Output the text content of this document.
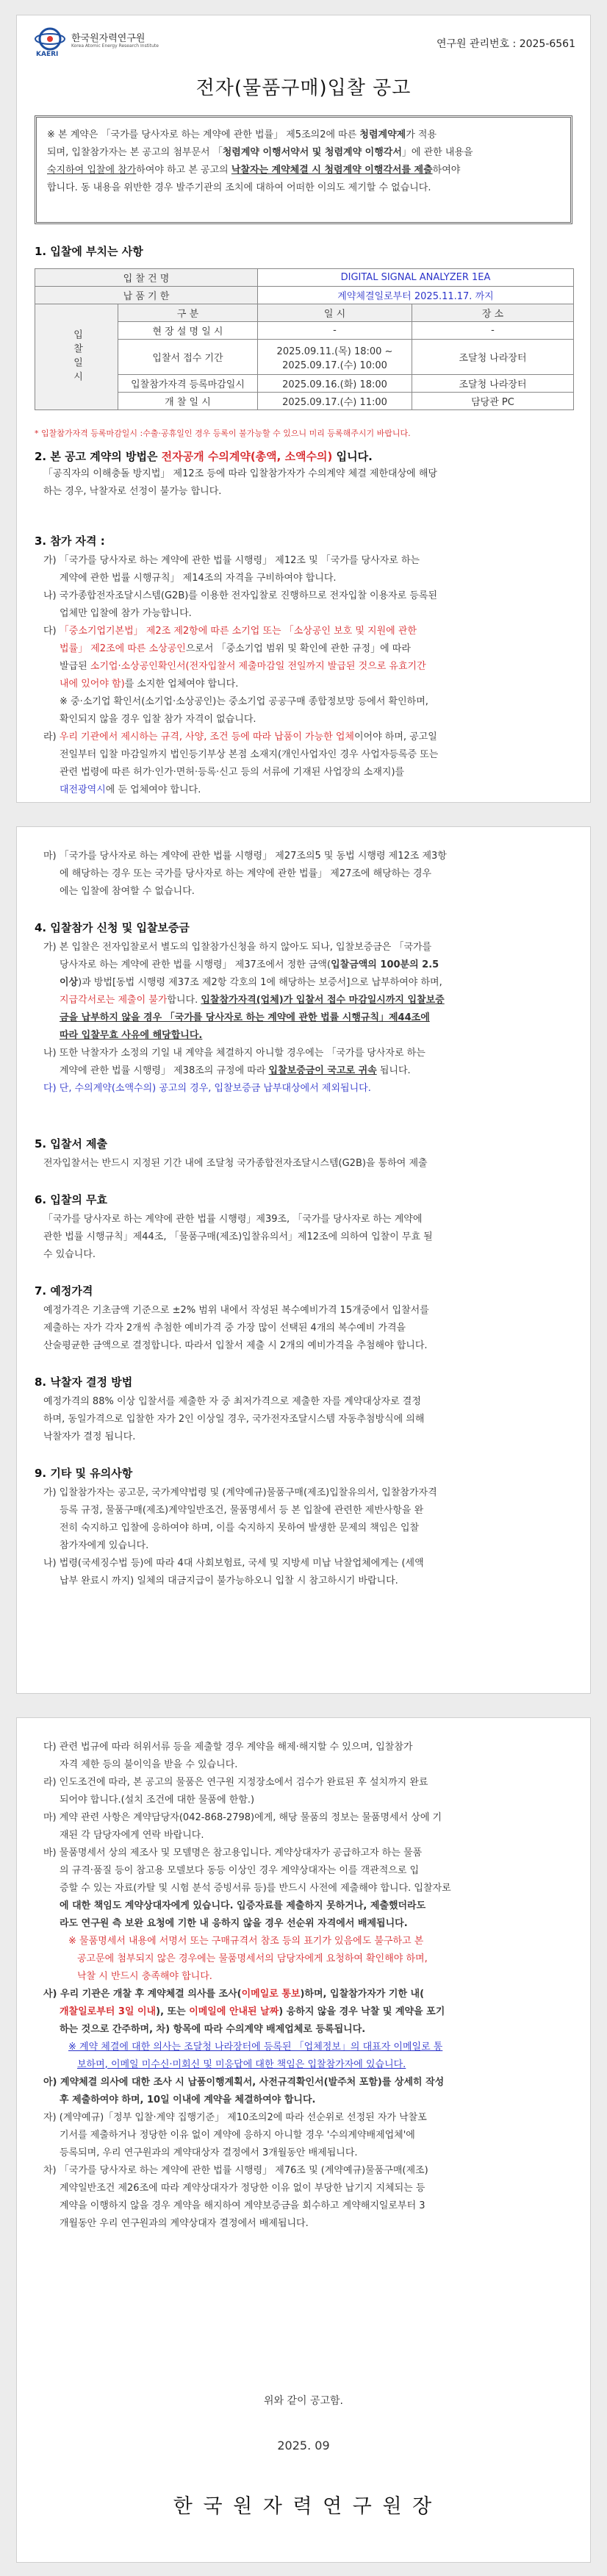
KAERI
한국원자력연구원
Korea Atomic Energy Research Institute	연구원 관리번호 : 2025-6561
전자(물품구매)입찰 공고
※ 본 계약은 「국가를 당사자로 하는 계약에 관한 법률」 제5조의2에 따른 청렴계약제가 적용
되며, 입찰참가자는 본 공고의 첨부문서 「청렴계약 이행서약서 및 청렴계약 이행각서」에 관한 내용을
숙지하여 입찰에 참가하여야 하고 본 공고의 낙찰자는 계약체결 시 청렴계약 이행각서를 제출하여야
합니다. 동 내용을 위반한 경우 발주기관의 조치에 대하여 어떠한 이의도 제기할 수 없습니다.
1. 입찰에 부치는 사항
입 찰 건 명		DIGITAL SIGNAL ANALYZER 1EA	
납 품 기 한		계약체결일로부터 2025.11.17. 까지	

입찰일시	구 분	일 시	장 소
	현 장 설 명 일 시	-	-
	입찰서 접수 기간	2025.09.11.(목) 18:00 ~
2025.09.17.(수) 10:00	조달청 나라장터
	입찰참가자격 등록마감일시	2025.09.16.(화) 18:00	조달청 나라장터
	개 찰 일 시	2025.09.17.(수) 11:00	담당관 PC
* 입찰참가자격 등록마감일시 :수출·공휴일인 경우 등록이 불가능할 수 있으니 미리 등록해주시기 바랍니다.
2. 본 공고 계약의 방법은 전자공개 수의계약(총액, 소액수의) 입니다.
「공직자의 이해충돌 방지법」 제12조 등에 따라 입찰참가자가 수의계약 체결 제한대상에 해당
하는 경우, 낙찰자로 선정이 불가능 합니다.
3. 참가 자격 :
가) 「국가를 당사자로 하는 계약에 관한 법률 시행령」 제12조 및 「국가를 당사자로 하는
계약에 관한 법률 시행규칙」 제14조의 자격을 구비하여야 합니다.
나) 국가종합전자조달시스템(G2B)를 이용한 전자입찰로 진행하므로 전자입찰 이용자로 등록된
업체만 입찰에 참가 가능합니다.
다) 「중소기업기본법」 제2조 제2항에 따른 소기업 또는 「소상공인 보호 및 지원에 관한
법률」 제2조에 따른 소상공인으로서 「중소기업 범위 및 확인에 관한 규정」에 따라
발급된 소기업·소상공인확인서(전자입찰서 제출마감일 전일까지 발급된 것으로 유효기간
내에 있어야 함)를 소지한 업체여야 합니다.
※ 중·소기업 확인서(소기업·소상공인)는 중소기업 공공구매 종합정보망 등에서 확인하며,
확인되지 않을 경우 입찰 참가 자격이 없습니다.
라) 우리 기관에서 제시하는 규격, 사양, 조건 등에 따라 납품이 가능한 업체이어야 하며, 공고일
전일부터 입찰 마감일까지 법인등기부상 본점 소재지(개인사업자인 경우 사업자등록증 또는
관련 법령에 따른 허가·인가·면허·등록·신고 등의 서류에 기재된 사업장의 소재지)를
대전광역시에 둔 업체여야 합니다.
마) 「국가를 당사자로 하는 계약에 관한 법률 시행령」 제27조의5 및 동법 시행령 제12조 제3항
에 해당하는 경우 또는 국가를 당사자로 하는 계약에 관한 법률」 제27조에 해당하는 경우
에는 입찰에 참여할 수 없습니다.
4. 입찰참가 신청 및 입찰보증금
가) 본 입찰은 전자입찰로서 별도의 입찰참가신청을 하지 않아도 되나, 입찰보증금은 「국가를
당사자로 하는 계약에 관한 법률 시행령」 제37조에서 정한 금액(입찰금액의 100분의 2.5
이상)과 방법[동법 시행령 제37조 제2항 각호의 1에 해당하는 보증서]으로 납부하여야 하며,
지급각서로는 제출이 불가합니다. 입찰참가자격(업체)가 입찰서 접수 마감일시까지 입찰보증
금을 납부하지 않을 경우 「국가를 당사자로 하는 계약에 관한 법률 시행규칙」제44조에
따라 입찰무효 사유에 해당합니다.
나) 또한 낙찰자가 소정의 기일 내 계약을 체결하지 아니할 경우에는 「국가를 당사자로 하는
계약에 관한 법률 시행령」 제38조의 규정에 따라 입찰보증금이 국고로 귀속 됩니다.
다) 단, 수의계약(소액수의) 공고의 경우, 입찰보증금 납부대상에서 제외됩니다.
5. 입찰서 제출
전자입찰서는 반드시 지정된 기간 내에 조달청 국가종합전자조달시스템(G2B)을 통하여 제출
6. 입찰의 무효
「국가를 당사자로 하는 계약에 관한 법률 시행령」제39조, 「국가를 당사자로 하는 계약에
관한 법률 시행규칙」제44조, 「물품구매(제조)입찰유의서」제12조에 의하여 입찰이 무효 될
수 있습니다.
7. 예정가격
예정가격은 기초금액 기준으로 ±2% 범위 내에서 작성된 복수예비가격 15개중에서 입찰서를
제출하는 자가 각자 2개씩 추첨한 예비가격 중 가장 많이 선택된 4개의 복수예비 가격을
산술평균한 금액으로 결정합니다. 따라서 입찰서 제출 시 2개의 예비가격을 추첨해야 합니다.
8. 낙찰자 결정 방법
예정가격의 88% 이상 입찰서를 제출한 자 중 최저가격으로 제출한 자를 계약대상자로 결정
하며, 동일가격으로 입찰한 자가 2인 이상일 경우, 국가전자조달시스템 자동추첨방식에 의해
낙찰자가 결정 됩니다.
9. 기타 및 유의사항
가) 입찰참가자는 공고문, 국가계약법령 및 (계약예규)물품구매(제조)입찰유의서, 입찰참가자격
등록 규정, 물품구매(제조)계약일반조건, 물품명세서 등 본 입찰에 관련한 제반사항을 완
전히 숙지하고 입찰에 응하여야 하며, 이를 숙지하지 못하여 발생한 문제의 책임은 입찰
참가자에게 있습니다.
나) 법령(국세징수법 등)에 따라 4대 사회보험료, 국세 및 지방세 미납 낙찰업체에게는 (세액
납부 완료시 까지) 일체의 대금지급이 불가능하오니 입찰 시 참고하시기 바랍니다.
다) 관련 법규에 따라 허위서류 등을 제출할 경우 계약을 해제·해지할 수 있으며, 입찰참가
자격 제한 등의 불이익을 받을 수 있습니다.
라) 인도조건에 따라, 본 공고의 물품은 연구원 지정장소에서 검수가 완료된 후 설치까지 완료
되어야 합니다.(설치 조건에 대한 물품에 한함.)
마) 계약 관련 사항은 계약담당자(042-868-2798)에게, 해당 물품의 정보는 물품명세서 상에 기
재된 각 담당자에게 연락 바랍니다.
바) 물품명세서 상의 제조사 및 모델명은 참고용입니다. 계약상대자가 공급하고자 하는 물품
의 규격·품질 등이 참고용 모델보다 동등 이상인 경우 계약상대자는 이를 객관적으로 입
증할 수 있는 자료(카탈 및 시험 분석 증빙서류 등)를 반드시 사전에 제출해야 합니다. 입찰자로
에 대한 책임도 계약상대자에게 있습니다. 입증자료를 제출하지 못하거나, 제출했더라도
라도 연구원 측 보완 요청에 기한 내 응하지 않을 경우 선순위 자격에서 배제됩니다.
※ 물품명세서 내용에 서명서 또는 구매규격서 참조 등의 표기가 있음에도 불구하고 본
공고문에 첨부되지 않은 경우에는 물품명세서의 담당자에게 요청하여 확인해야 하며,
낙찰 시 반드시 충족해야 합니다.
사) 우리 기관은 개찰 후 계약체결 의사를 조사(이메일로 통보)하며, 입찰참가자가 기한 내(
개찰일로부터 3일 이내), 또는 이메일에 안내된 날짜) 응하지 않을 경우 낙찰 및 계약을 포기
하는 것으로 간주하며, 차) 항목에 따라 수의계약 배제업체로 등록됩니다.
※ 계약 체결에 대한 의사는 조달청 나라장터에 등록된 「업체정보」의 대표자 이메일로 통
보하며, 이메일 미수신·미회신 및 미응답에 대한 책임은 입찰참가자에 있습니다.
아) 계약체결 의사에 대한 조사 시 납품이행계획서, 사전규격확인서(발주처 포함)를 상세히 작성
후 제출하여야 하며, 10일 이내에 계약을 체결하여야 합니다.
자) (계약예규)「정부 입찰·계약 집행기준」 제10조의2에 따라 선순위로 선정된 자가 낙찰포
기서를 제출하거나 정당한 이유 없이 계약에 응하지 아니할 경우 '수의계약배제업체'에
등록되며, 우리 연구원과의 계약대상자 결정에서 3개월동안 배제됩니다.
차) 「국가를 당사자로 하는 계약에 관한 법률 시행령」 제76조 및 (계약예규)물품구매(제조)
계약일반조건 제26조에 따라 계약상대자가 정당한 이유 없이 부당한 납기지 지체되는 등
계약을 이행하지 않을 경우 계약을 해지하여 계약보증금을 회수하고 계약해지일로부터 3
개월동안 우리 연구원과의 계약상대자 결정에서 배제됩니다.
위와 같이 공고함.
2025. 09
한 국 원 자 력 연 구 원 장
